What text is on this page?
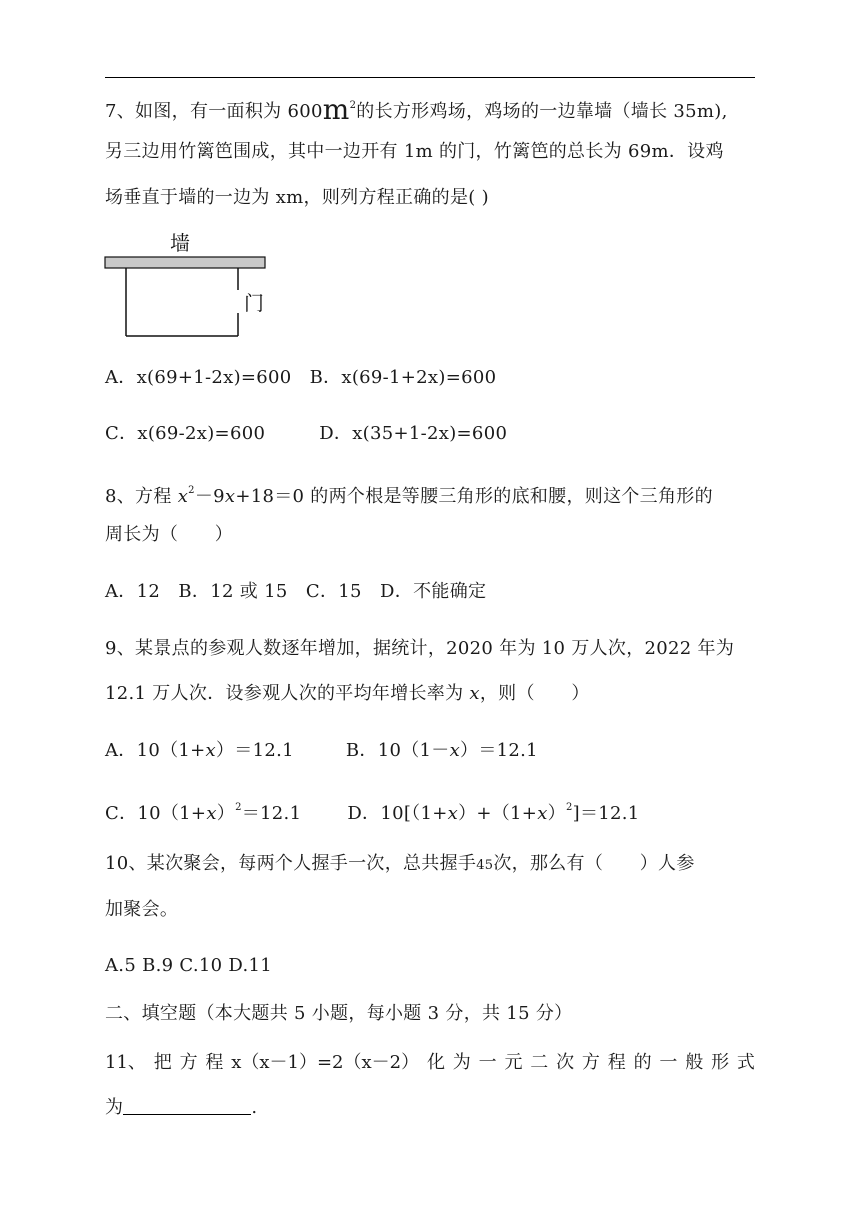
7、如图，有一面积为 $600m^2$的长方形鸡场，鸡场的一边靠墙（墙长 35m),
另三边用竹篱笆围成，其中一边开有 1m 的门，竹篱笆的总长为 69m．设鸡
场垂直于墙的一边为 xm，则列方程正确的是( )
墙
门
A．x(69+1-2x)=600 B．x(69-1+2x)=600
C．x(69-2x)=600	D．x(35+1-2x)=600
8、方程 $x^2-9x+18=0$ 的两个根是等腰三角形的底和腰，则这个三角形的
周长为（　　）
A．12　B．12 或 15　C．15　D．不能确定
9、某景点的参观人数逐年增加，据统计，2020 年为 10 万人次，2022 年为
12.1 万人次．设参观人次的平均年增长率为 x，则（　　）
A．10（1+x）＝12.1	B．10（1－x）＝12.1
C．$10(1+x)^2=12.1$	D．$10[(1+x)+(1+x)^2]=12.1$
10、某次聚会，每两个人握手一次，总共握手45次，那么有（　　）人参
加聚会。
A.5 B.9 C.10 D.11
二、填空题（本大题共 5 小题，每小题 3 分，共 15 分）
11、 把 方 程 x（x－1）=2（x－2） 化 为 一 元 二 次 方 程 的 一 般 形 式
为	.
